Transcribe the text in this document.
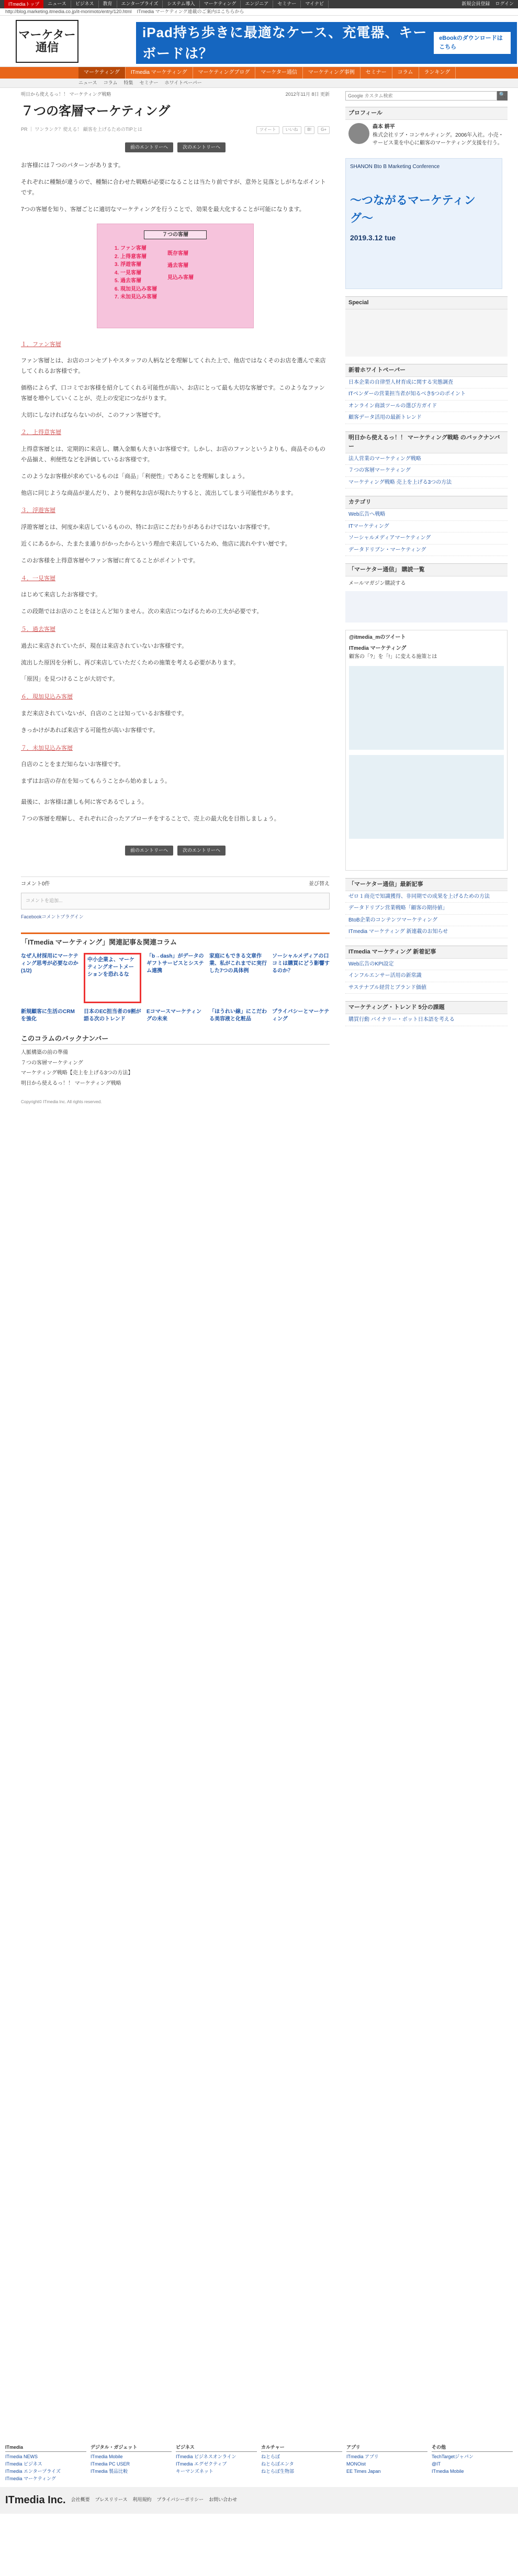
ITmediaトップ	ニュース	ビジネス	教育	エンタープライズ	システム導入	マーケティング	エンジニア	セミナー	マイナビ	新規会員登録 ログイン
http://blog.marketing.itmedia.co.jp/it-morimoto/entry/120.html ITmedia マーケティング連載のご案内はこちらから
マーケター通信
iPad持ち歩きに最適なケース、充電器、キーボードは？
eBookのダウンロードはこちら
マーケティング	ITmedia マーケティング	マーケティングブログ	マーケター通信	マーケティング事例	セミナー	コラム	ランキング
ニュース コラム 特集 セミナー ホワイトペーパー
明日から使えるっ！！ マーケティング戦略	2012年11月 8日 更新
７つの客層マーケティング
PR ｜ ワンランク？使える！ 顧客を上げるためのTIPとは	ツイート	いいね	B!	G+
前のエントリーへ	次のエントリーへ

お客様には７つのパターンがあります。

それぞれに種類が違うので、種類に合わせた戦略が必要になることは当たり前ですが、意外と見落としがちなポイントです。

7つの客層を知り、客層ごとに適切なマーケティングを行うことで、効果を最大化することが可能になります。

７つの客層
1. ファン客層
2. 上得意客層
3. 浮遊客層
4. 一見客層
5. 過去客層
6. 現加見込み客層
7. 未加見込み客層
既存客層
過去客層
見込み客層

１．ファン客層

ファン客層とは、お店のコンセプトやスタッフの人柄などを理解してくれた上で、他店ではなくそのお店を選んで来店してくれるお客様です。

価格によらず、口コミでお客様を紹介してくれる可能性が高い、お店にとって最も大切な客層です。このようなファン客層を増やしていくことが、売上の安定につながります。

大切にしなければならないのが、このファン客層です。

２．上得意客層

上得意客層とは、定期的に来店し、購入金額も大きいお客様です。しかし、お店のファンというよりも、商品そのものや品揃え、利便性などを評価しているお客様です。

このようなお客様が求めているものは「商品」「利便性」であることを理解しましょう。

他店に同じような商品が並んだり、より便利なお店が現れたりすると、流出してしまう可能性があります。

３．浮遊客層

浮遊客層とは、何度か来店しているものの、特にお店にこだわりがあるわけではないお客様です。

近くにあるから、たまたま通りがかったからという理由で来店しているため、他店に流れやすい層です。

このお客様を上得意客層やファン客層に育てることがポイントです。

４．一見客層

はじめて来店したお客様です。

この段階ではお店のことをほとんど知りません。次の来店につなげるための工夫が必要です。

５．過去客層

過去に来店されていたが、現在は来店されていないお客様です。

流出した原因を分析し、再び来店していただくための施策を考える必要があります。

「原因」を見つけることが大切です。

６．現加見込み客層

まだ来店されていないが、自店のことは知っているお客様です。

きっかけがあれば来店する可能性が高いお客様です。

７．未加見込み客層

自店のことをまだ知らないお客様です。

まずはお店の存在を知ってもらうことから始めましょう。

最後に、お客様は誰しも何に客であるでしょう。

７つの客層を理解し、それぞれに合ったアプローチをすることで、売上の最大化を目指しましょう。

前のエントリーへ	次のエントリーへ
コメント0件	並び替え
コメントを追加...
Facebookコメントプラグイン
「ITmedia マーケティング」関連記事＆関連コラム
なぜ人材採用にマーケティング思考が必要なのか (1/2)
中小企業よ、マーケティングオートメーションを恐れるな
「b→dash」がデータのギフトサービスとシステム連携
家庭にもできる文章作業、私がこれまでに実行した7つの具体例
ソーシャルメディアの口コミは購買にどう影響するのか？
新規顧客に生活のCRMを強化
日本のEC担当者の9割が語る次のトレンド
Eコマースマーケティングの未来
「ほうれい線」にこだわる美容液と化粧品
プライバシーとマーケティング
このコラムのバックナンバー
人脈構築の前の準備
７つの客層マーケティング
マーケティング戦略【売上を上げる3つの方法】
明日から使えるっ！！ マーケティング戦略
Copyright© ITmedia Inc. All rights reserved.
Google カスタム検索
🔍
プロフィール
森本 耕平
株式会社リブ・コンサルティング。2006年入社。小売・サービス業を中心に顧客のマーケティング支援を行う。
SHANON Bto B Marketing Conference
〜つながるマーケティング〜
2019.3.12 tue
Special
新着ホワイトペーパー
日本企業の自律型人材育成に関する実態調査
ITベンダーの営業担当者が知るべき5つのポイント
オンライン商談ツールの選び方ガイド
顧客データ活用の最新トレンド
明日から使えるっ！！ マーケティング戦略 のバックナンバー
法人営業のマーケティング戦略
７つの客層マーケティング
マーケティング戦略 売上を上げる3つの方法
カテゴリ
Web広告へ戦略
ITマーケティング
ソーシャルメディアマーケティング
データドリブン・マーケティング
「マーケター通信」 購読一覧
メールマガジン購読する
@itmedia_mのツイート
ITmedia マーケティング
顧客の「?」を「!」に変える施策とは
「マーケター通信」最新記事
ゼロ１商売で知識獲得、非同期での成果を上げるための方法
データドリブン営業戦略「顧客の期待値」
BtoB企業のコンテンツマーケティング
ITmedia マーケティング 新連載のお知らせ
ITmedia マーケティング 新着記事
Web広告のKPI設定
インフルエンサー活用の新常識
サステナブル経営とブランド価値
マーケティング・トレンド 5分の課題
購買行動 バイナリー・ボット日本語を考える
ITmedia
ITmedia NEWS
ITmedia ビジネス
ITmedia エンタープライズ
ITmedia マーケティング
デジタル・ガジェット
ITmedia Mobile
ITmedia PC USER
ITmedia 製品比較
ビジネス
ITmedia ビジネスオンライン
ITmedia エグゼクティブ
キーマンズネット
カルチャー
ねとらぼ
ねとらぼエンタ
ねとらぼ生物部
アプリ
ITmedia アプリ
MONOist
EE Times Japan
その他
TechTargetジャパン
@IT
ITmedia Mobile
ITmedia Inc. 会社概要 プレスリリース 利用規約 プライバシーポリシー お問い合わせ
